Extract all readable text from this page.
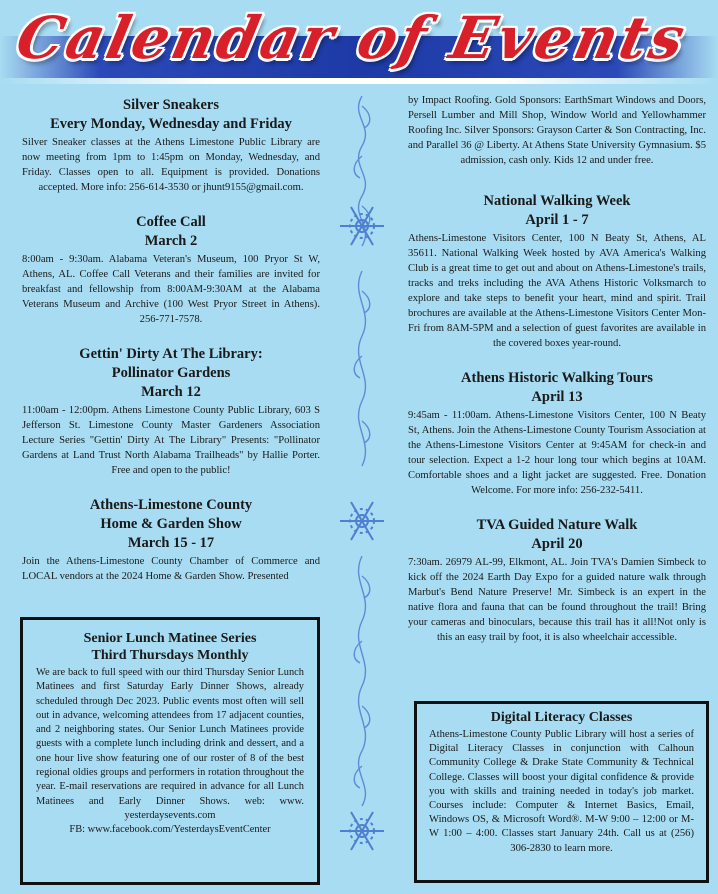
Calendar of Events
Silver Sneakers
Every Monday, Wednesday and Friday

Silver Sneaker classes at the Athens Limestone Public Library are now meeting from 1pm to 1:45pm on Monday, Wednesday, and Friday. Classes open to all. Equipment is provided. Donations accepted. More info: 256-614-3530 or jhunt9155@gmail.com.

Coffee Call
March 2

8:00am - 9:30am. Alabama Veteran's Museum, 100 Pryor St W, Athens, AL. Coffee Call Veterans and their families are invited for breakfast and fellowship from 8:00AM-9:30AM at the Alabama Veterans Museum and Archive (100 West Pryor Street in Athens). 256-771-7578.

Gettin' Dirty At The Library:
Pollinator Gardens
March 12

11:00am - 12:00pm. Athens Limestone County Public Library, 603 S Jefferson St. Limestone County Master Gardeners Association Lecture Series "Gettin' Dirty At The Library" Presents: "Pollinator Gardens at Land Trust North Alabama Trailheads" by Hallie Porter. Free and open to the public!

Athens-Limestone County
Home & Garden Show
March 15 - 17

Join the Athens-Limestone County Chamber of Commerce and LOCAL vendors at the 2024 Home & Garden Show. Presented

Senior Lunch Matinee Series
Third Thursdays Monthly

We are back to full speed with our third Thursday Senior Lunch Matinees and first Saturday Early Dinner Shows, already scheduled through Dec 2023. Public events most often will sell out in advance, welcoming attendees from 17 adjacent counties, and 2 neighboring states. Our Senior Lunch Matinees provide guests with a complete lunch including drink and dessert, and a one hour live show featuring one of our roster of 8 of the best regional oldies groups and performers in rotation throughout the year. E-mail reservations are required in advance for all Lunch Matinees and Early Dinner Shows. web: www. yesterdaysevents.com

FB: www.facebook.com/YesterdaysEventCenter

by Impact Roofing. Gold Sponsors: EarthSmart Windows and Doors, Persell Lumber and Mill Shop, Window World and Yellowhammer Roofing Inc. Silver Sponsors: Grayson Carter & Son Contracting, Inc. and Parallel 36 @ Liberty. At Athens State University Gymnasium. $5 admission, cash only. Kids 12 and under free.

National Walking Week
April 1 - 7

Athens-Limestone Visitors Center, 100 N Beaty St, Athens, AL 35611. National Walking Week hosted by AVA America's Walking Club is a great time to get out and about on Athens-Limestone's trails, tracks and treks including the AVA Athens Historic Volksmarch to explore and take steps to benefit your heart, mind and spirit. Trail brochures are available at the Athens-Limestone Visitors Center Mon-Fri from 8AM-5PM and a selection of guest favorites are available in the covered boxes year-round.

Athens Historic Walking Tours
April 13

9:45am - 11:00am. Athens-Limestone Visitors Center, 100 N Beaty St, Athens. Join the Athens-Limestone County Tourism Association at the Athens-Limestone Visitors Center at 9:45AM for check-in and tour selection. Expect a 1-2 hour long tour which begins at 10AM. Comfortable shoes and a light jacket are suggested. Free. Donation Welcome. For more info: 256-232-5411.

TVA Guided Nature Walk
April 20

7:30am. 26979 AL-99, Elkmont, AL. Join TVA's Damien Simbeck to kick off the 2024 Earth Day Expo for a guided nature walk through Marbut's Bend Nature Preserve! Mr. Simbeck is an expert in the native flora and fauna that can be found throughout the trail! Bring your cameras and binoculars, because this trail has it all!Not only is this an easy trail by foot, it is also wheelchair accessible.

Digital Literacy Classes

Athens-Limestone County Public Library will host a series of Digital Literacy Classes in conjunction with Calhoun Community College & Drake State Community & Technical College. Classes will boost your digital confidence & provide you with skills and training needed in today's job market. Courses include: Computer & Internet Basics, Email, Windows OS, & Microsoft Word®. M-W 9:00 – 12:00 or M-W 1:00 – 4:00. Classes start January 24th. Call us at (256) 306-2830 to learn more.
